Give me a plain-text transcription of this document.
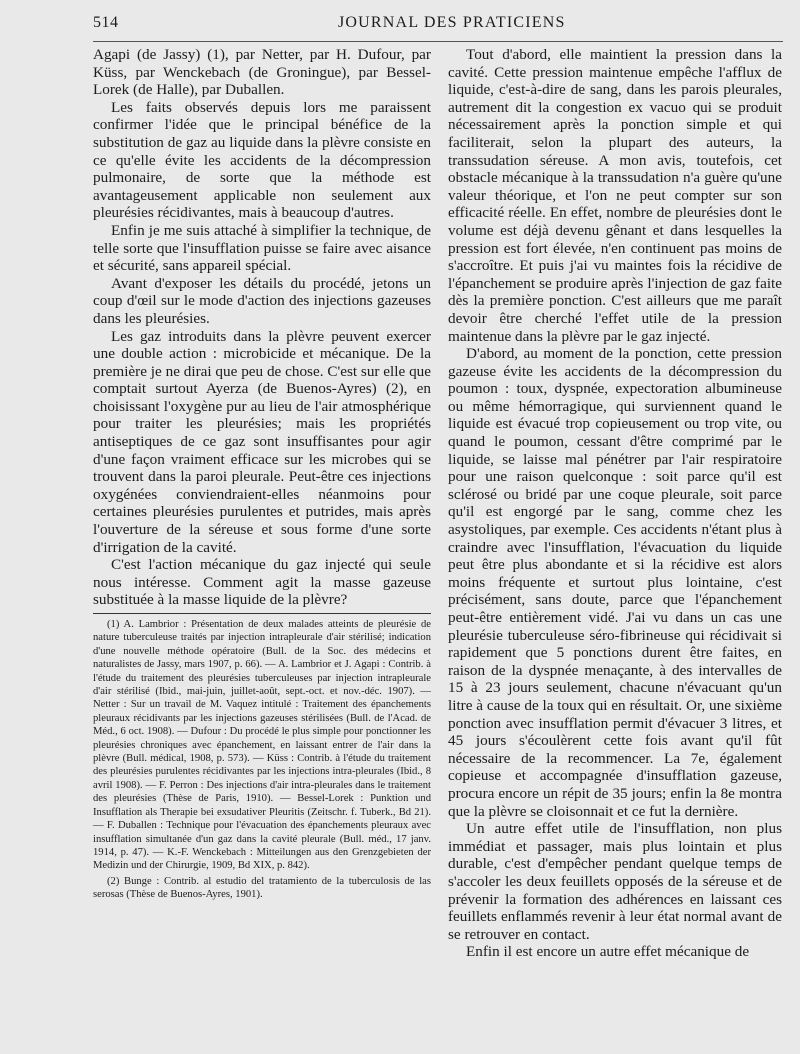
514	JOURNAL DES PRATICIENS

Agapi (de Jassy) (1), par Netter, par H. Dufour, par Küss, par Wenckebach (de Groningue), par Bessel-Lorek (de Halle), par Duballen.

Les faits observés depuis lors me paraissent confirmer l'idée que le principal bénéfice de la substitution de gaz au liquide dans la plèvre consiste en ce qu'elle évite les accidents de la décompression pulmonaire, de sorte que la méthode est avantageusement applicable non seulement aux pleurésies récidivantes, mais à beaucoup d'autres.

Enfin je me suis attaché à simplifier la technique, de telle sorte que l'insufflation puisse se faire avec aisance et sécurité, sans appareil spécial.

Avant d'exposer les détails du procédé, jetons un coup d'œil sur le mode d'action des injections gazeuses dans les pleurésies.

Les gaz introduits dans la plèvre peuvent exercer une double action : microbicide et mécanique. De la première je ne dirai que peu de chose. C'est sur elle que comptait surtout Ayerza (de Buenos-Ayres) (2), en choisissant l'oxygène pur au lieu de l'air atmosphérique pour traiter les pleurésies; mais les propriétés antiseptiques de ce gaz sont insuffisantes pour agir d'une façon vraiment efficace sur les microbes qui se trouvent dans la paroi pleurale. Peut-être ces injections oxygénées conviendraient-elles néanmoins pour certaines pleurésies purulentes et putrides, mais après l'ouverture de la séreuse et sous forme d'une sorte d'irrigation de la cavité.

C'est l'action mécanique du gaz injecté qui seule nous intéresse. Comment agit la masse gazeuse substituée à la masse liquide de la plèvre?

(1) A. Lambrior : Présentation de deux malades atteints de pleurésie de nature tuberculeuse traités par injection intrapleurale d'air stérilisé; indication d'une nouvelle méthode opératoire (Bull. de la Soc. des médecins et naturalistes de Jassy, mars 1907, p. 66). — A. Lambrior et J. Agapi : Contrib. à l'étude du traitement des pleurésies tuberculeuses par injection intrapleurale d'air stérilisé (Ibid., mai-juin, juillet-août, sept.-oct. et nov.-déc. 1907). — Netter : Sur un travail de M. Vaquez intitulé : Traitement des épanchements pleuraux récidivants par les injections gazeuses stérilisées (Bull. de l'Acad. de Méd., 6 oct. 1908). — Dufour : Du procédé le plus simple pour ponctionner les pleurésies chroniques avec épanchement, en laissant entrer de l'air dans la plèvre (Bull. médical, 1908, p. 573). — Küss : Contrib. à l'étude du traitement des pleurésies purulentes récidivantes par les injections intra-pleurales (Ibid., 8 avril 1908). — F. Perron : Des injections d'air intra-pleurales dans le traitement des pleurésies (Thèse de Paris, 1910). — Bessel-Lorek : Punktion und Insufflation als Therapie bei exsudativer Pleuritis (Zeitschr. f. Tuberk., Bd 21). — F. Duballen : Technique pour l'évacuation des épanchements pleuraux avec insufflation simultanée d'un gaz dans la cavité pleurale (Bull. méd., 17 janv. 1914, p. 47). — K.-F. Wenckebach : Mitteilungen aus den Grenzgebieten der Medizin und der Chirurgie, 1909, Bd XIX, p. 842).

(2) Bunge : Contrib. al estudio del tratamiento de la tuberculosis de las serosas (Thèse de Buenos-Ayres, 1901).

Tout d'abord, elle maintient la pression dans la cavité. Cette pression maintenue empêche l'afflux de liquide, c'est-à-dire de sang, dans les parois pleurales, autrement dit la congestion ex vacuo qui se produit nécessairement après la ponction simple et qui faciliterait, selon la plupart des auteurs, la transsudation séreuse. A mon avis, toutefois, cet obstacle mécanique à la transsudation n'a guère qu'une valeur théorique, et l'on ne peut compter sur son efficacité réelle. En effet, nombre de pleurésies dont le volume est déjà devenu gênant et dans lesquelles la pression est fort élevée, n'en continuent pas moins de s'accroître. Et puis j'ai vu maintes fois la récidive de l'épanchement se produire après l'injection de gaz faite dès la première ponction. C'est ailleurs que me paraît devoir être cherché l'effet utile de la pression maintenue dans la plèvre par le gaz injecté.

D'abord, au moment de la ponction, cette pression gazeuse évite les accidents de la décompression du poumon : toux, dyspnée, expectoration albumineuse ou même hémorragique, qui surviennent quand le liquide est évacué trop copieusement ou trop vite, ou quand le poumon, cessant d'être comprimé par le liquide, se laisse mal pénétrer par l'air respiratoire pour une raison quelconque : soit parce qu'il est sclérosé ou bridé par une coque pleurale, soit parce qu'il est engorgé par le sang, comme chez les asystoliques, par exemple. Ces accidents n'étant plus à craindre avec l'insufflation, l'évacuation du liquide peut être plus abondante et si la récidive est alors moins fréquente et surtout plus lointaine, c'est précisément, sans doute, parce que l'épanchement peut-être entièrement vidé. J'ai vu dans un cas une pleurésie tuberculeuse séro-fibrineuse qui récidivait si rapidement que 5 ponctions durent être faites, en raison de la dyspnée menaçante, à des intervalles de 15 à 23 jours seulement, chacune n'évacuant qu'un litre à cause de la toux qui en résultait. Or, une sixième ponction avec insufflation permit d'évacuer 3 litres, et 45 jours s'écoulèrent cette fois avant qu'il fût nécessaire de la recommencer. La 7e, également copieuse et accompagnée d'insufflation gazeuse, procura encore un répit de 35 jours; enfin la 8e montra que la plèvre se cloisonnait et ce fut la dernière.

Un autre effet utile de l'insufflation, non plus immédiat et passager, mais plus lointain et plus durable, c'est d'empêcher pendant quelque temps de s'accoler les deux feuillets opposés de la séreuse et de prévenir la formation des adhérences en laissant ces feuillets enflammés revenir à leur état normal avant de se retrouver en contact.

Enfin il est encore un autre effet mécanique de
